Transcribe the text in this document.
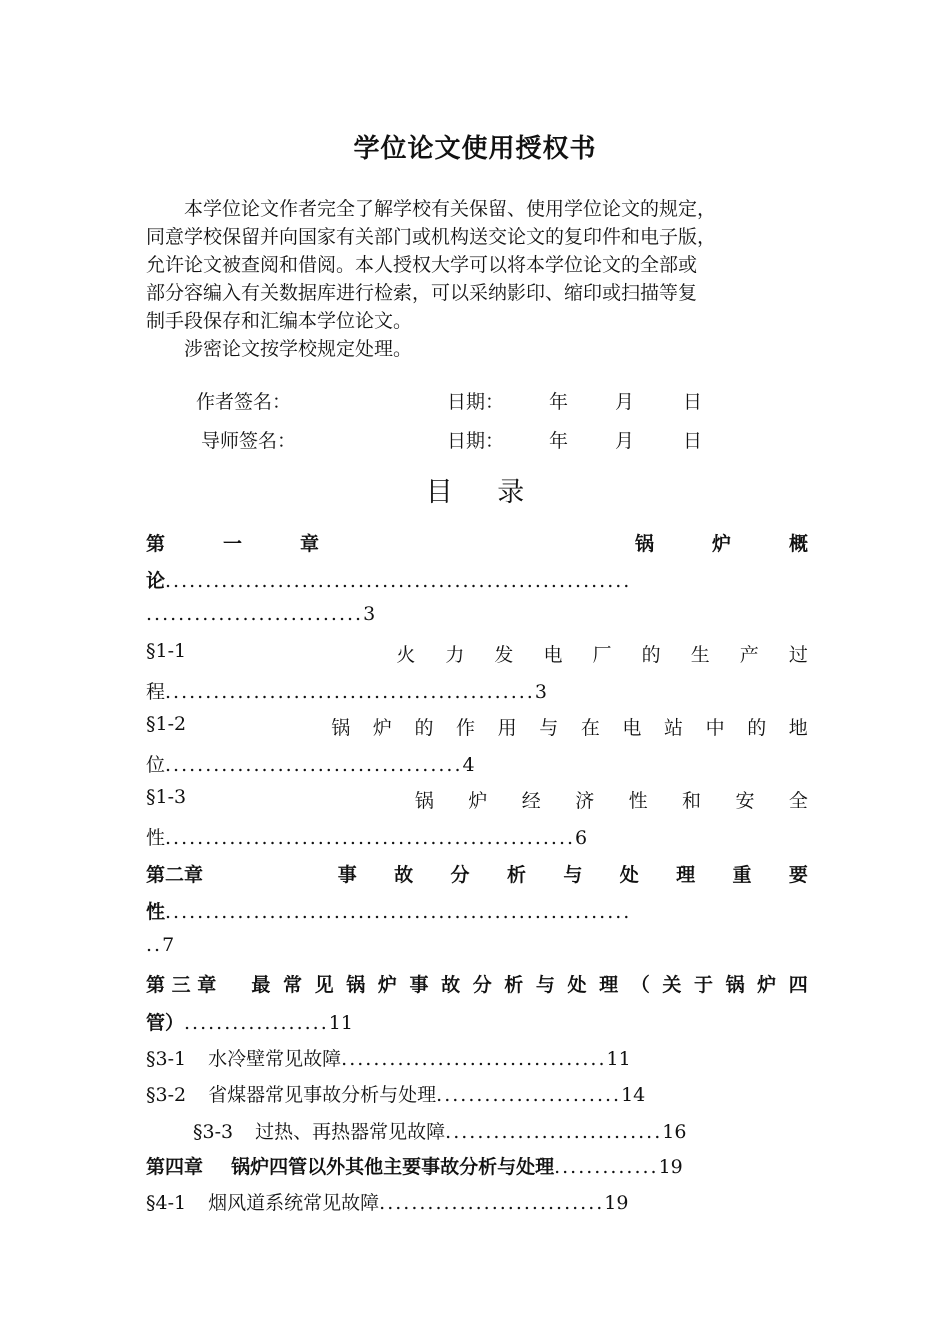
学位论文使用授权书
本学位论文作者完全了解学校有关保留、使用学位论文的规定，
同意学校保留并向国家有关部门或机构送交论文的复印件和电子版，
允许论文被查阅和借阅。本人授权大学可以将本学位论文的全部或
部分容编入有关数据库进行检索，可以采纳影印、缩印或扫描等复
制手段保存和汇编本学位论文。
涉密论文按学校规定处理。
作者签名：	日期： 年 月	日
导师签名：	日期： 年 月	日
目 录
第	一	章	锅	炉	概
论..........................................................
...........................3
§1-1	火 力 发 电 厂 的 生 产 过
程..............................................3
§1-2	锅 炉 的 作 用 与 在 电 站 中 的 地
位.....................................4
§1-3	锅 炉 经 济 性 和 安 全
性...................................................6
第二章	事 故 分 析 与 处 理 重 要
性..........................................................
..7
第 三 章 最 常 见 锅 炉 事 故 分 析 与 处 理 （ 关 于 锅 炉 四
管）..................11
§3-1 水冷壁常见故障.................................11
§3-2 省煤器常见事故分析与处理.......................14
§3-3 过热、再热器常见故障...........................16
第四章 锅炉四管以外其他主要事故分析与处理.............19
§4-1 烟风道系统常见故障............................19
